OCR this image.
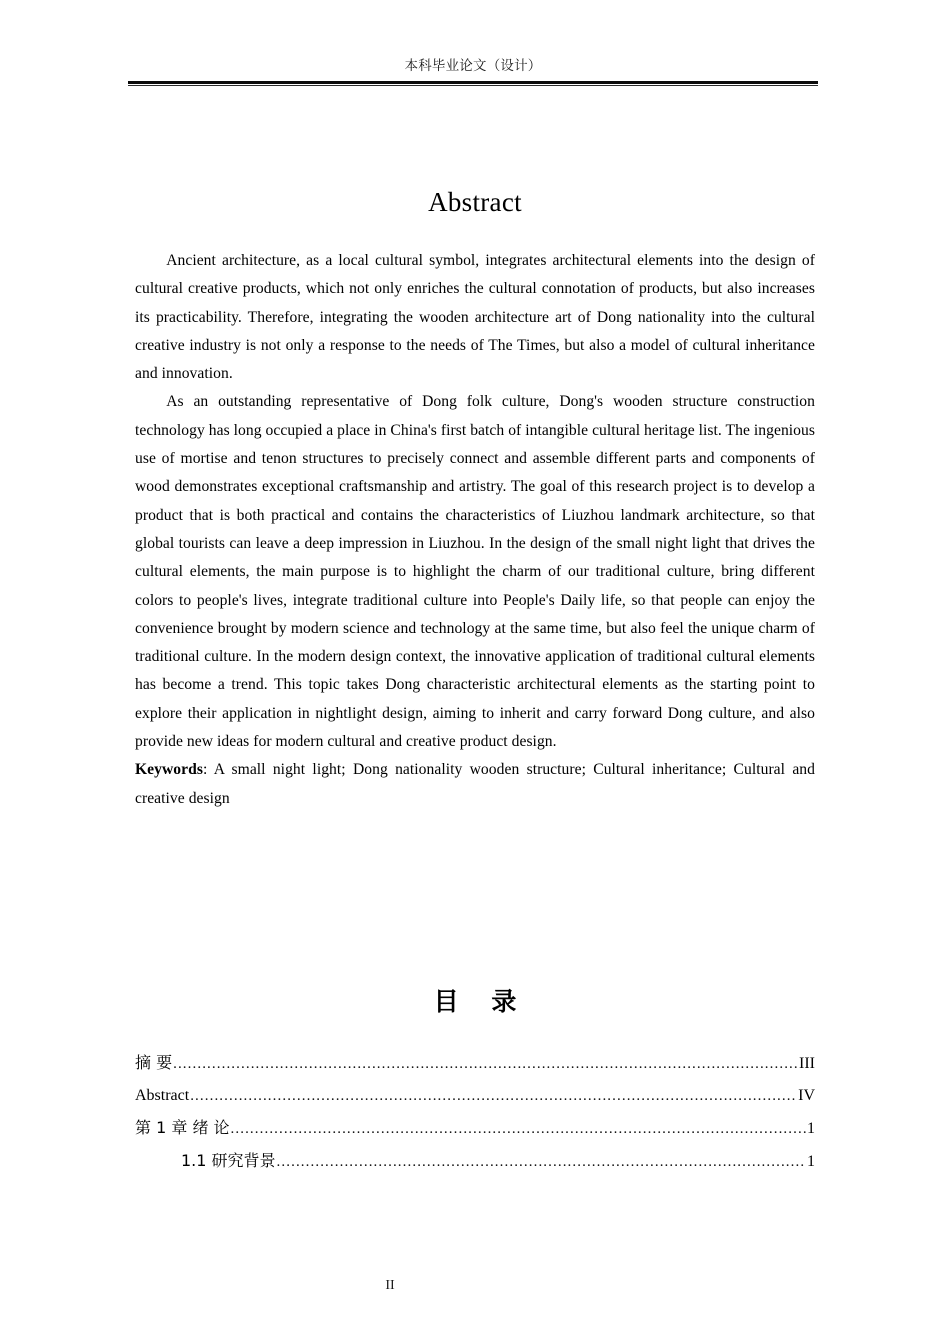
本科毕业论文（设计）
Abstract

Ancient architecture, as a local cultural symbol, integrates architectural elements into the design of cultural creative products, which not only enriches the cultural connotation of products, but also increases its practicability. Therefore, integrating the wooden architecture art of Dong nationality into the cultural creative industry is not only a response to the needs of The Times, but also a model of cultural inheritance and innovation.

As an outstanding representative of Dong folk culture, Dong's wooden structure construction technology has long occupied a place in China's first batch of intangible cultural heritage list. The ingenious use of mortise and tenon structures to precisely connect and assemble different parts and components of wood demonstrates exceptional craftsmanship and artistry. The goal of this research project is to develop a product that is both practical and contains the characteristics of Liuzhou landmark architecture, so that global tourists can leave a deep impression in Liuzhou. In the design of the small night light that drives the cultural elements, the main purpose is to highlight the charm of our traditional culture, bring different colors to people's lives, integrate traditional culture into People's Daily life, so that people can enjoy the convenience brought by modern science and technology at the same time, but also feel the unique charm of traditional culture. In the modern design context, the innovative application of traditional cultural elements has become a trend. This topic takes Dong characteristic architectural elements as the starting point to explore their application in nightlight design, aiming to inherit and carry forward Dong culture, and also provide new ideas for modern cultural and creative product design.

Keywords: A small night light; Dong nationality wooden structure; Cultural inheritance; Cultural and creative design

目 录
摘 要 .....	III
Abstract .....	IV
第 1 章 绪 论 .....	1
1.1 研究背景 .....	1
II
